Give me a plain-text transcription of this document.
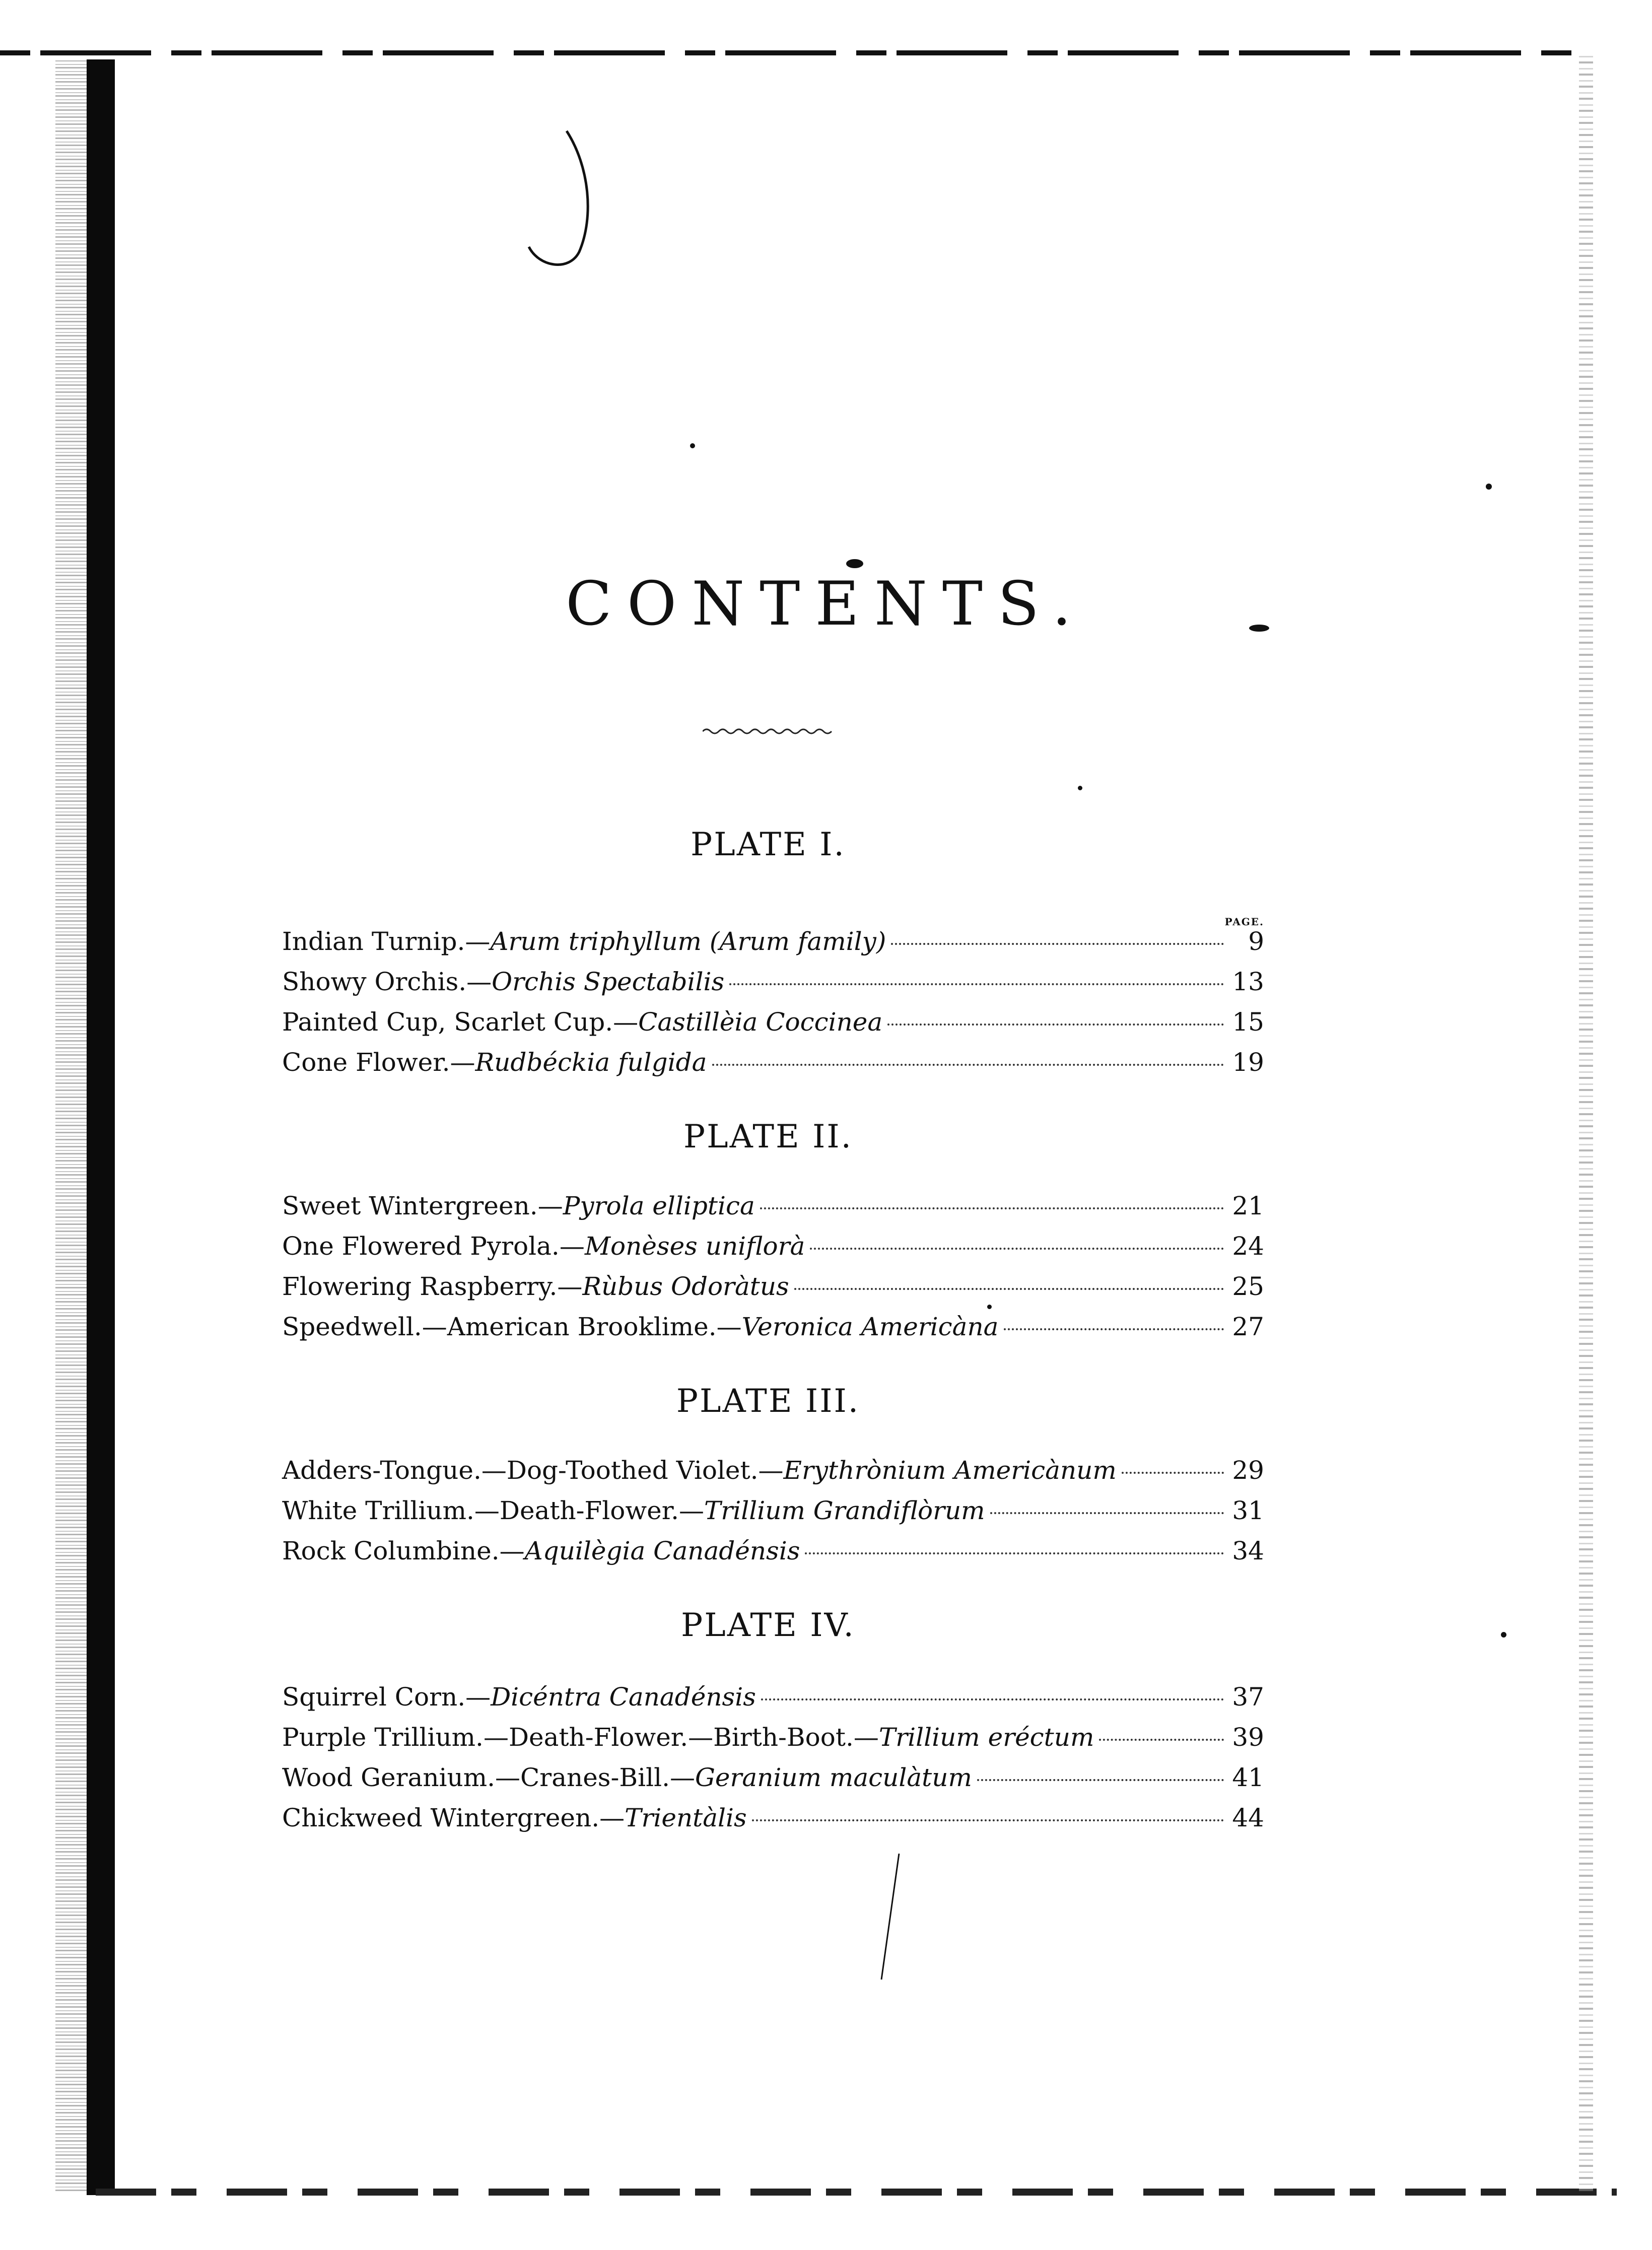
CONTENTS.
PLATE I.
PAGE.
Indian Turnip.— Arum triphyllum (Arum family)	9
Showy Orchis.— Orchis Spectabilis	13
Painted Cup, Scarlet Cup.— Castillèia Coccinea	15
Cone Flower.— Rudbéckia fulgida	19
PLATE II.
Sweet Wintergreen.— Pyrola elliptica	21
One Flowered Pyrola.— Monèses uniflorà	24
Flowering Raspberry.— Rùbus Odoràtus	25
Speedwell.—American Brooklime.— Veronica Americàna	27
PLATE III.
Adders-Tongue.—Dog-Toothed Violet.— Erythrònium Americànum	29
White Trillium.—Death-Flower.— Trillium Grandiflòrum	31
Rock Columbine.— Aquilègia Canadénsis	34
PLATE IV.
Squirrel Corn.— Dicéntra Canadénsis	37
Purple Trillium.—Death-Flower.—Birth-Boot.— Trillium eréctum	39
Wood Geranium.—Cranes-Bill.— Geranium maculàtum	41
Chickweed Wintergreen.— Trientàlis	44
